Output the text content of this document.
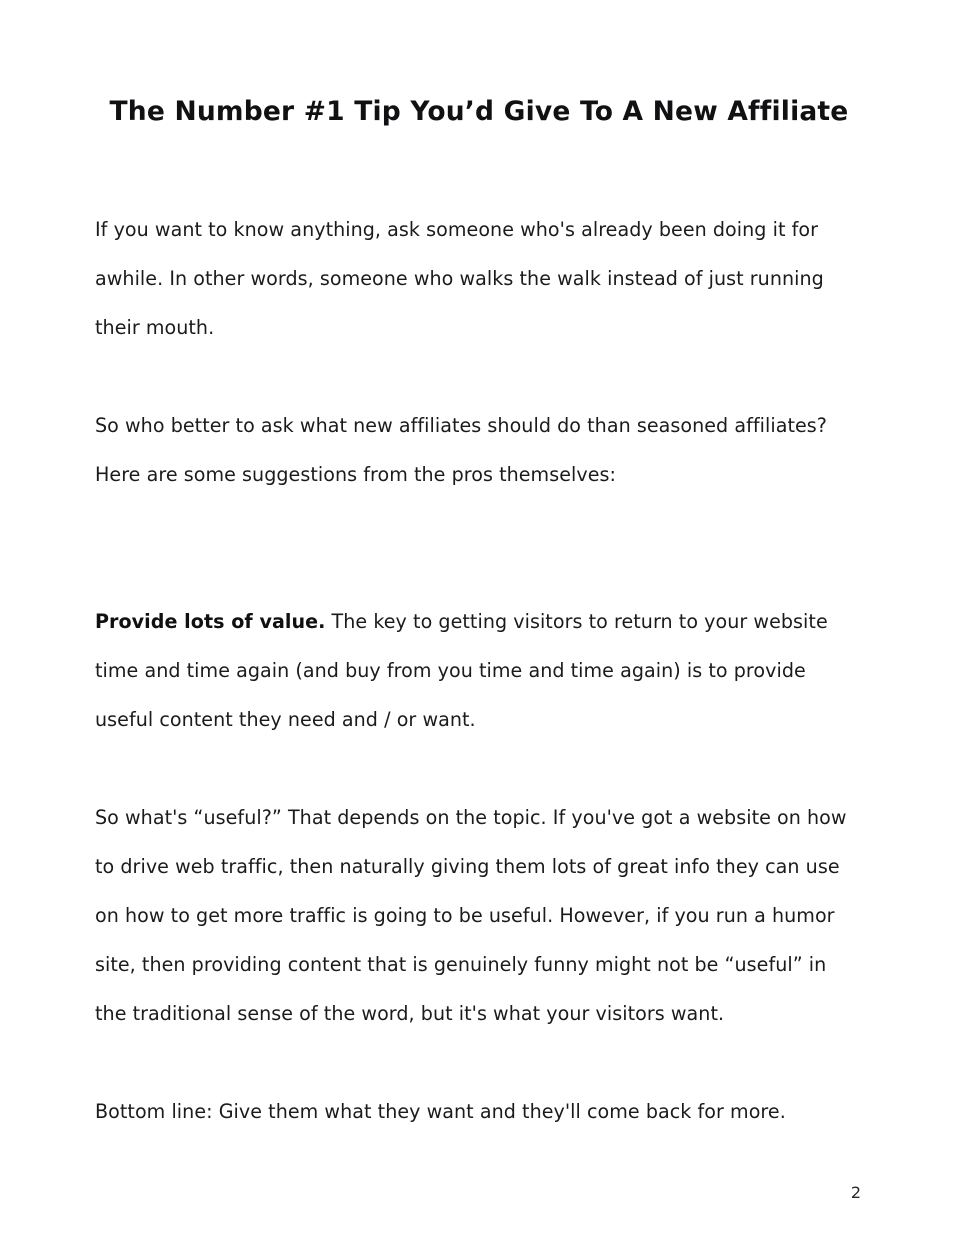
The Number #1 Tip You’d Give To A New Affiliate

If you want to know anything, ask someone who's already been doing it for awhile. In other words, someone who walks the walk instead of just running their mouth.

So who better to ask what new affiliates should do than seasoned affiliates? Here are some suggestions from the pros themselves:

Provide lots of value. The key to getting visitors to return to your website time and time again (and buy from you time and time again) is to provide useful content they need and / or want.

So what's “useful?” That depends on the topic. If you've got a website on how to drive web traffic, then naturally giving them lots of great info they can use on how to get more traffic is going to be useful. However, if you run a humor site, then providing content that is genuinely funny might not be “useful” in the traditional sense of the word, but it's what your visitors want.

Bottom line: Give them what they want and they'll come back for more.

2
